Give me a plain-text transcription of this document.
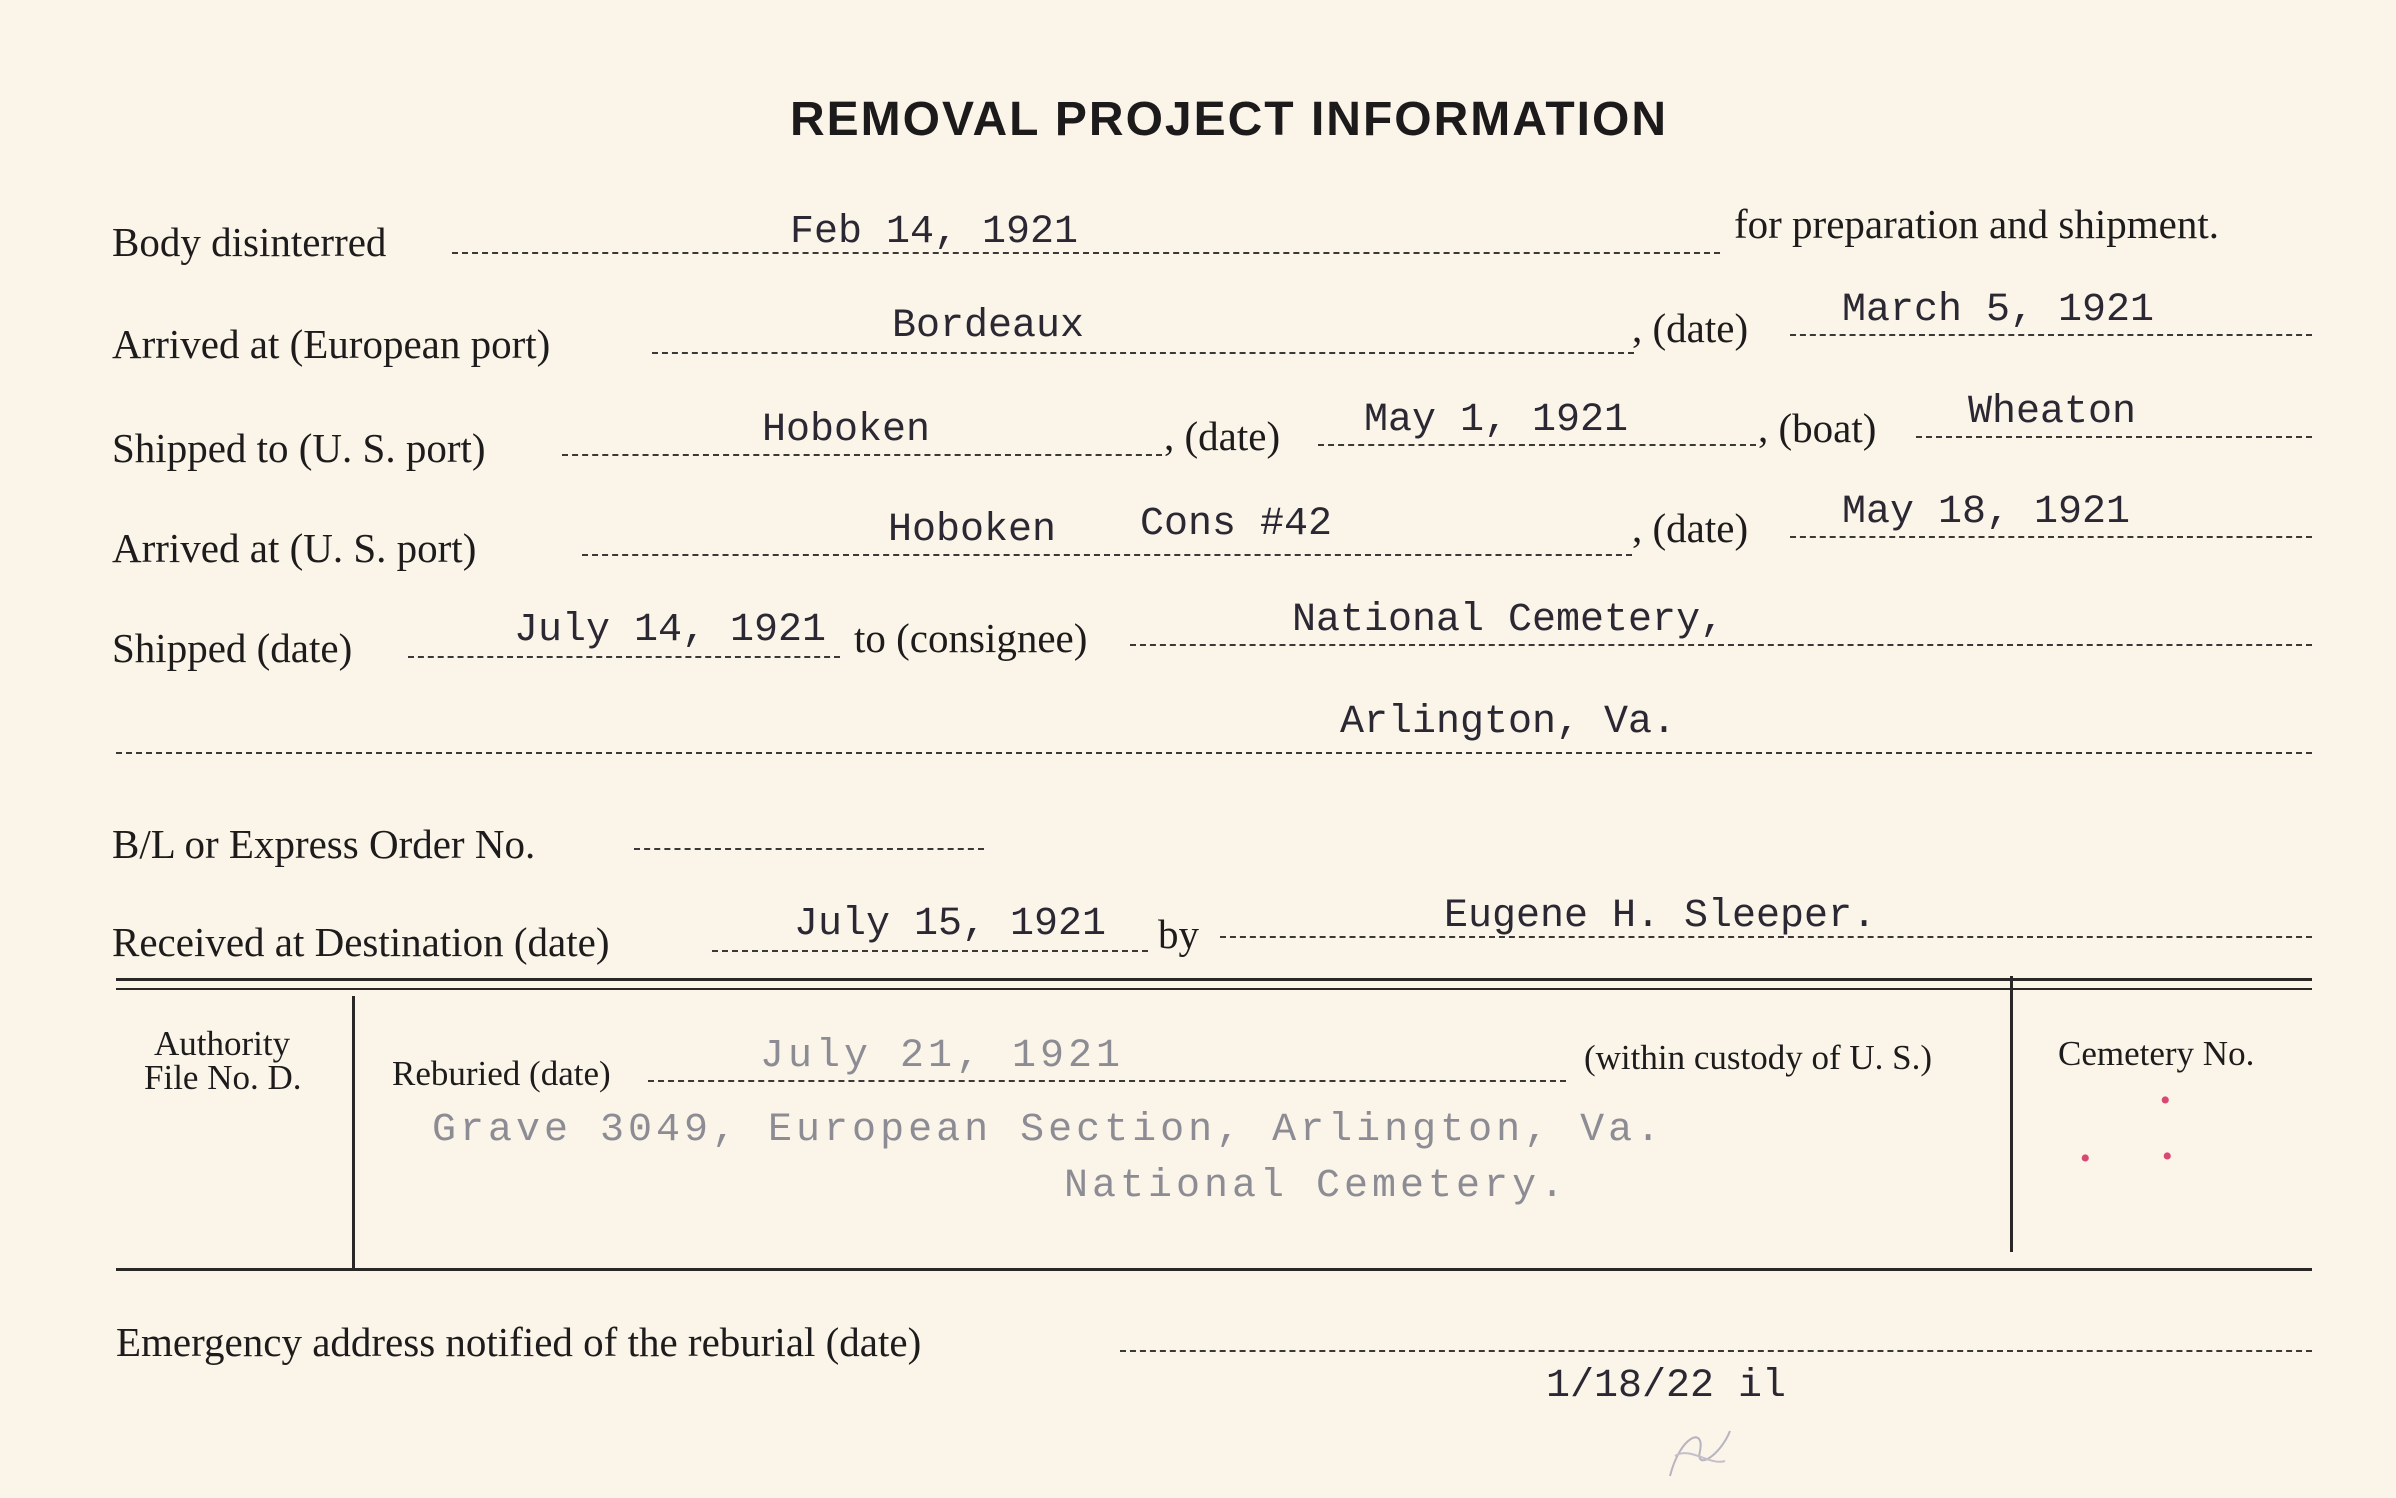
REMOVAL PROJECT INFORMATION
Body disinterred	Feb 14, 1921	for preparation and shipment.
Arrived at (European port)	Bordeaux	, (date) March 5, 1921
Shipped to (U. S. port)	Hoboken	, (date) May 1, 1921	, (boat) Wheaton
Arrived at (U. S. port)	Hoboken Cons #42	, (date) May 18, 1921
Shipped (date)	July 14, 1921 to (consignee)	National Cemetery,
Arlington, Va.
B/L or Express Order No.
Received at Destination (date)	July 15, 1921 by	Eugene H. Sleeper.
Authority
File No. D.	Reburied (date)	July 21, 1921	(within custody of U. S.)
Grave 3049, European Section, Arlington, Va.
National Cemetery.
Cemetery No.
•
• •
Emergency address notified of the reburial (date)
1/18/22 il
